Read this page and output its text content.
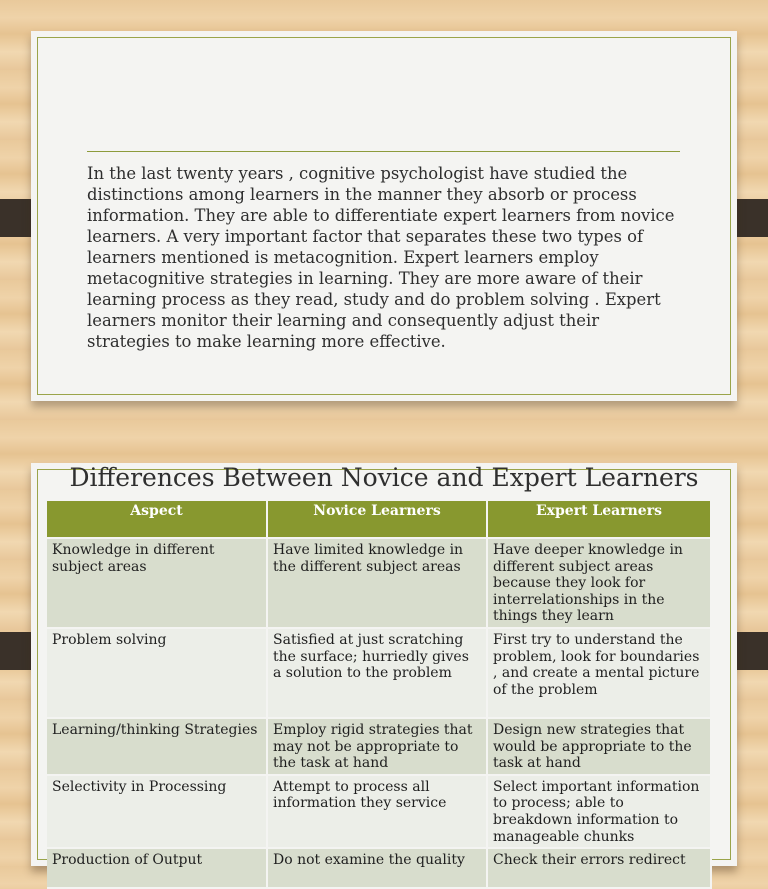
In the last twenty years , cognitive psychologist have studied the distinctions among learners in the manner they absorb or process information. They are able to differentiate expert learners from novice learners. A very important factor that separates these two types of learners mentioned is metacognition. Expert learners employ metacognitive strategies in learning. They are more aware of their learning process as they read, study and do problem solving . Expert learners monitor their learning and consequently adjust their strategies to make learning more effective.
Differences Between Novice and Expert Learners
Aspect	Novice Learners	Expert Learners
Knowledge in different subject areas	Have limited knowledge in the different subject areas	Have deeper knowledge in different subject areas because they look for interrelationships in the things they learn
Problem solving	Satisfied at just scratching the surface; hurriedly gives a solution to the problem	First try to understand the problem, look for boundaries , and create a mental picture of the problem
Learning/thinking Strategies	Employ rigid strategies that may not be appropriate to the task at hand	Design new strategies that would be appropriate to the task at hand
Selectivity in Processing	Attempt to process all information they service	Select important information to process; able to breakdown information to manageable chunks
Production of Output	Do not examine the quality	Check their errors redirect
